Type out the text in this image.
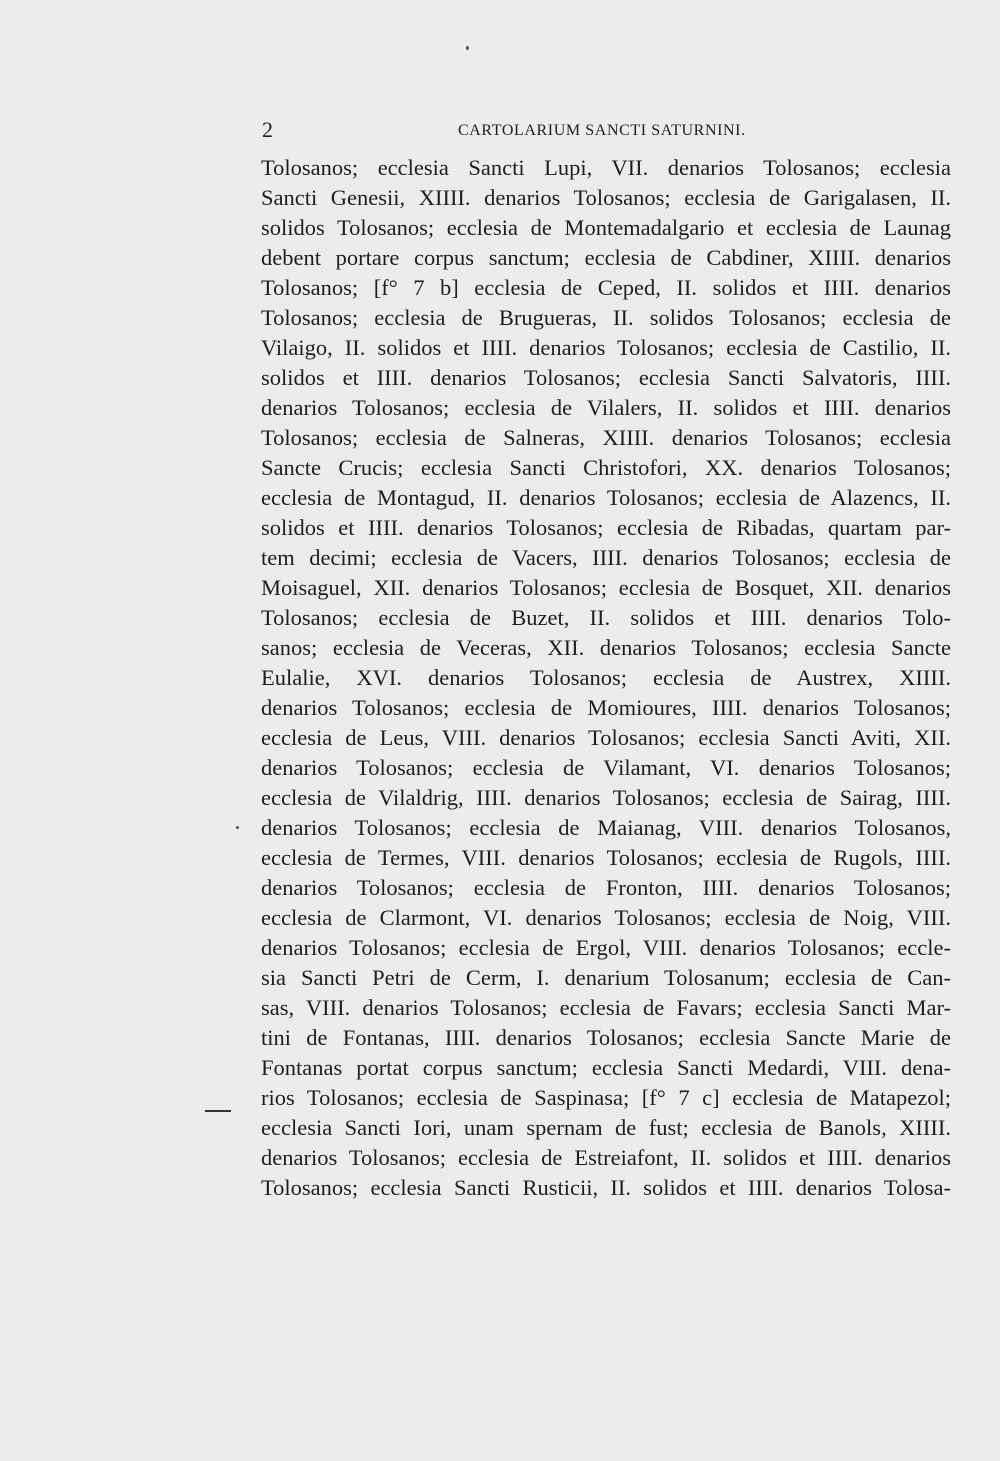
2	CARTOLARIUM SANCTI SATURNINI.
Tolosanos; ecclesia Sancti Lupi, VII. denarios Tolosanos; ecclesia
Sancti Genesii, XIIII. denarios Tolosanos; ecclesia de Garigalasen, II.
solidos Tolosanos; ecclesia de Montemadalgario et ecclesia de Launag
debent portare corpus sanctum; ecclesia de Cabdiner, XIIII. denarios
Tolosanos; [f° 7 b] ecclesia de Ceped, II. solidos et IIII. denarios
Tolosanos; ecclesia de Brugueras, II. solidos Tolosanos; ecclesia de
Vilaigo, II. solidos et IIII. denarios Tolosanos; ecclesia de Castilio, II.
solidos et IIII. denarios Tolosanos; ecclesia Sancti Salvatoris, IIII.
denarios Tolosanos; ecclesia de Vilalers, II. solidos et IIII. denarios
Tolosanos; ecclesia de Salneras, XIIII. denarios Tolosanos; ecclesia
Sancte Crucis; ecclesia Sancti Christofori, XX. denarios Tolosanos;
ecclesia de Montagud, II. denarios Tolosanos; ecclesia de Alazencs, II.
solidos et IIII. denarios Tolosanos; ecclesia de Ribadas, quartam par-
tem decimi; ecclesia de Vacers, IIII. denarios Tolosanos; ecclesia de
Moisaguel, XII. denarios Tolosanos; ecclesia de Bosquet, XII. denarios
Tolosanos; ecclesia de Buzet, II. solidos et IIII. denarios Tolo-
sanos; ecclesia de Veceras, XII. denarios Tolosanos; ecclesia Sancte
Eulalie, XVI. denarios Tolosanos; ecclesia de Austrex, XIIII.
denarios Tolosanos; ecclesia de Momioures, IIII. denarios Tolosanos;
ecclesia de Leus, VIII. denarios Tolosanos; ecclesia Sancti Aviti, XII.
denarios Tolosanos; ecclesia de Vilamant, VI. denarios Tolosanos;
ecclesia de Vilaldrig, IIII. denarios Tolosanos; ecclesia de Sairag, IIII.
denarios Tolosanos; ecclesia de Maianag, VIII. denarios Tolosanos,
ecclesia de Termes, VIII. denarios Tolosanos; ecclesia de Rugols, IIII.
denarios Tolosanos; ecclesia de Fronton, IIII. denarios Tolosanos;
ecclesia de Clarmont, VI. denarios Tolosanos; ecclesia de Noig, VIII.
denarios Tolosanos; ecclesia de Ergol, VIII. denarios Tolosanos; eccle-
sia Sancti Petri de Cerm, I. denarium Tolosanum; ecclesia de Can-
sas, VIII. denarios Tolosanos; ecclesia de Favars; ecclesia Sancti Mar-
tini de Fontanas, IIII. denarios Tolosanos; ecclesia Sancte Marie de
Fontanas portat corpus sanctum; ecclesia Sancti Medardi, VIII. dena-
rios Tolosanos; ecclesia de Saspinasa; [f° 7 c] ecclesia de Matapezol;
ecclesia Sancti Iori, unam spernam de fust; ecclesia de Banols, XIIII.
denarios Tolosanos; ecclesia de Estreiafont, II. solidos et IIII. denarios
Tolosanos; ecclesia Sancti Rusticii, II. solidos et IIII. denarios Tolosa-
